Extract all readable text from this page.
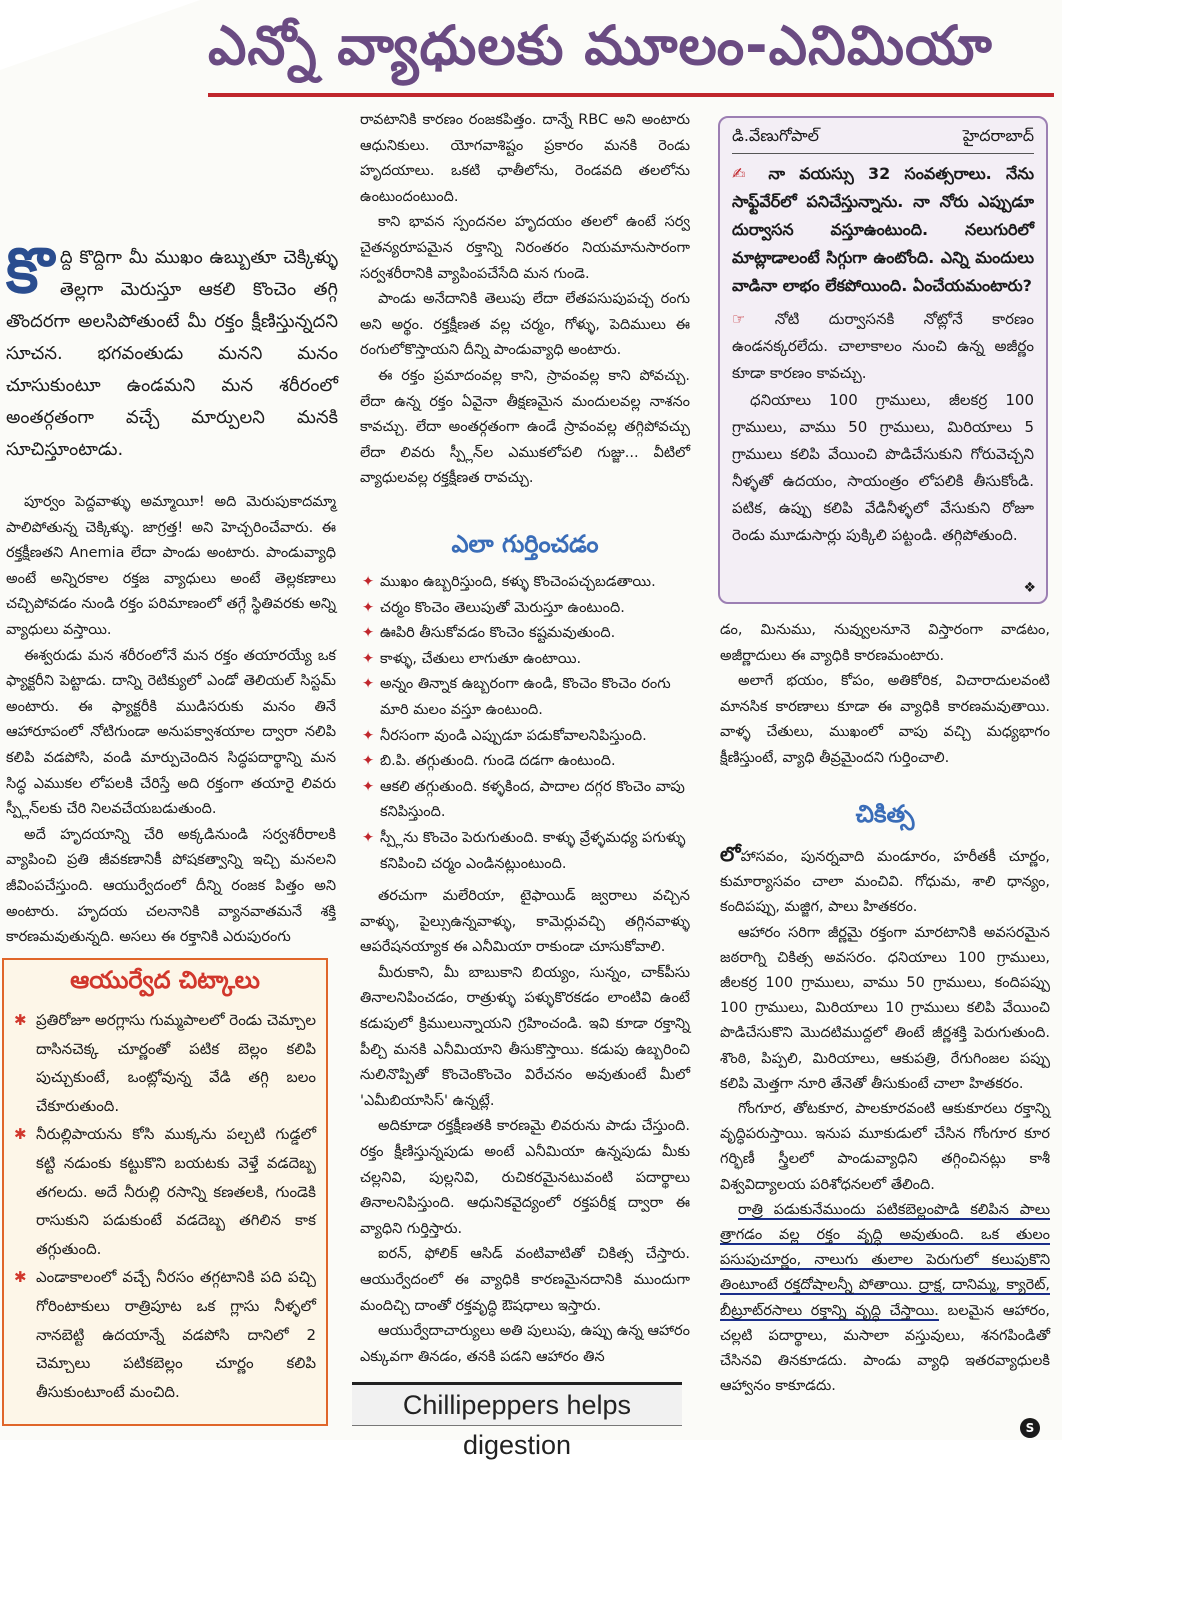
ఎన్నో వ్యాధులకు మూలం-ఎనిమియా
కొ ద్ది కొద్దిగా మీ ముఖం ఉబ్బుతూ చెక్కిళ్ళు తెల్లగా మెరుస్తూ ఆకలి కొంచెం తగ్గి తొందరగా అలసిపోతుంటే మీ రక్తం క్షీణిస్తున్నదని సూచన. భగవంతుడు మనని మనం చూసుకుంటూ ఉండమని మన శరీరంలో అంతర్గతంగా వచ్చే మార్పులని మనకి సూచిస్తూంటాడు.

పూర్వం పెద్దవాళ్ళు అమ్మాయీ! అది మెరుపుకాదమ్మా పాలిపోతున్న చెక్కిళ్ళు. జాగ్రత్త! అని హెచ్చరించేవారు. ఈ రక్తక్షీణతని Anemia లేదా పాండు అంటారు. పాండువ్యాధి అంటే అన్నిరకాల రక్తజ వ్యాధులు అంటే తెల్లకణాలు చచ్చిపోవడం నుండి రక్తం పరిమాణంలో తగ్గే స్థితివరకు అన్ని వ్యాధులు వస్తాయి.

ఈశ్వరుడు మన శరీరంలోనే మన రక్తం తయారయ్యే ఒక ఫ్యాక్టరీని పెట్టాడు. దాన్ని రెటిక్యులో ఎండో తెలియల్ సిస్టమ్ అంటారు. ఈ ఫ్యాక్టరీకి ముడిసరుకు మనం తినే ఆహారూపంలో నోటిగుండా అనుపక్వాశయాల ద్వారా నలిపి కలిపి వడపోసి, వండి మార్పుచెందిన సిద్ధపదార్థాన్ని మన సిద్ధ ఎముకల లోపలకి చేరిస్తే అది రక్తంగా తయారై లివరు స్ప్లీన్‌లకు చేరి నిలవచేయబడుతుంది.

అదే హృదయాన్ని చేరి అక్కడినుండి సర్వశరీరాలకి వ్యాపించి ప్రతి జీవకణానికీ పోషకత్వాన్ని ఇచ్చి మనలని జీవింపచేస్తుంది. ఆయుర్వేదంలో దీన్ని రంజక పిత్తం అని అంటారు. హృదయ చలనానికి వ్యానవాతమనే శక్తి కారణమవుతున్నది. అసలు ఈ రక్తానికి ఎరుపురంగు

ఆయుర్వేద చిట్కాలు
✱ ప్రతిరోజూ అరగ్లాసు గుమ్మపాలలో రెండు చెమ్చాల దాసినచెక్క చూర్ణంతో పటిక బెల్లం కలిపి పుచ్చుకుంటే, ఒంట్లోవున్న వేడి తగ్గి బలం చేకూరుతుంది.
✱ నీరుల్లిపాయను కోసి ముక్కను పల్చటి గుడ్డలో కట్టి నడుంకు కట్టుకొని బయటకు వెళ్తే వడదెబ్బ తగలదు. అదే నీరుల్లి రసాన్ని కణతలకి, గుండెకి రాసుకుని పడుకుంటే వడదెబ్బ తగిలిన కాక తగ్గుతుంది.
✱ ఎండాకాలంలో వచ్చే నీరసం తగ్గటానికి పది పచ్చి గోరింటాకులు రాత్రిపూట ఒక గ్లాసు నీళ్ళలో నానబెట్టి ఉదయాన్నే వడపోసి దానిలో 2 చెమ్చాలు పటికబెల్లం చూర్ణం కలిపి తీసుకుంటూంటే మంచిది.

రావటానికి కారణం రంజకపిత్తం. దాన్నే RBC అని అంటారు ఆధునికులు. యోగవాశిష్టం ప్రకారం మనకి రెండు హృదయాలు. ఒకటి ఛాతీలోను, రెండవది తలలోను ఉంటుందంటుంది.

కాని భావన స్పందనల హృదయం తలలో ఉంటే సర్వ చైతన్యరూపమైన రక్తాన్ని నిరంతరం నియమానుసారంగా సర్వశరీరానికి వ్యాపింపచేసేది మన గుండె.

పాండు అనేదానికి తెలుపు లేదా లేతపసుపుపచ్చ రంగు అని అర్థం. రక్తక్షీణత వల్ల చర్మం, గోళ్ళు, పెదిములు ఈ రంగులోకొస్తాయని దీన్ని పాండువ్యాధి అంటారు.

ఈ రక్తం ప్రమాదంవల్ల కాని, స్రావంవల్ల కాని పోవచ్చు. లేదా ఉన్న రక్తం ఏవైనా తీక్షణమైన మందులవల్ల నాశనం కావచ్చు. లేదా అంతర్గతంగా ఉండే స్రావంవల్ల తగ్గిపోవచ్చు లేదా లివరు స్ప్లీన్‌ల ఎముకలోపలి గుజ్జు... వీటిలో వ్యాధులవల్ల రక్తక్షీణత రావచ్చు.

ఎలా గుర్తించడం
✦ ముఖం ఉబ్బరిస్తుంది, కళ్ళు కొంచెంపచ్చబడతాయి.
✦ చర్మం కొంచెం తెలుపుతో మెరుస్తూ ఉంటుంది.
✦ ఊపిరి తీసుకోవడం కొంచెం కష్టమవుతుంది.
✦ కాళ్ళు, చేతులు లాగుతూ ఉంటాయి.
✦ అన్నం తిన్నాక ఉబ్బరంగా ఉండి, కొంచెం కొంచెం రంగు మారి మలం వస్తూ ఉంటుంది.
✦ నీరసంగా వుండి ఎప్పుడూ పడుకోవాలనిపిస్తుంది.
✦ బి.పి. తగ్గుతుంది. గుండె దడగా ఉంటుంది.
✦ ఆకలి తగ్గుతుంది. కళ్ళకింద, పాదాల దగ్గర కొంచెం వాపు కనిపిస్తుంది.
✦ స్ప్లీను కొంచెం పెరుగుతుంది. కాళ్ళు వ్రేళ్ళమధ్య పగుళ్ళు కనిపించి చర్మం ఎండినట్లుంటుంది.

తరచుగా మలేరియా, టైఫాయిడ్ జ్వరాలు వచ్చిన వాళ్ళు, పైల్సుఉన్నవాళ్ళు, కామెర్లువచ్చి తగ్గినవాళ్ళు ఆపరేషనయ్యాక ఈ ఎనీమియా రాకుండా చూసుకోవాలి.

మీరుకాని, మీ బాబుకాని బియ్యం, సున్నం, చాక్‌పీసు తినాలనిపించడం, రాత్రుళ్ళు పళ్ళుకొరకడం లాంటివి ఉంటే కడుపులో క్రిములున్నాయని గ్రహించండి. ఇవి కూడా రక్తాన్ని పీల్చి మనకి ఎనీమియాని తీసుకొస్తాయి. కడుపు ఉబ్బరించి నులినొప్పితో కొంచెంకొంచెం విరేచనం అవుతుంటే మీలో 'ఎమీబియాసిస్' ఉన్నట్లే.

అదికూడా రక్తక్షీణతకి కారణమై లివరును పాడు చేస్తుంది. రక్తం క్షీణిస్తున్నపుడు అంటే ఎనీమియా ఉన్నపుడు మీకు చల్లనివి, పుల్లనివి, రుచికరమైనటువంటి పదార్థాలు తినాలనిపిస్తుంది. ఆధునికవైద్యంలో రక్తపరీక్ష ద్వారా ఈ వ్యాధిని గుర్తిస్తారు.

ఐరన్, ఫోలిక్ ఆసిడ్ వంటివాటితో చికిత్స చేస్తారు. ఆయుర్వేదంలో ఈ వ్యాధికి కారణమైనదానికి ముందుగా మందిచ్చి దాంతో రక్తవృద్ధి ఔషధాలు ఇస్తారు.

ఆయుర్వేదాచార్యులు అతి పులుపు, ఉప్పు ఉన్న ఆహారం ఎక్కువగా తినడం, తనకి పడని ఆహారం తిన

Chillipeppers helps digestion
డి.వేణుగోపాల్	హైదరాబాద్
✍ నా వయస్సు 32 సంవత్సరాలు. నేను సాఫ్ట్‌వేర్‌లో పనిచేస్తున్నాను. నా నోరు ఎప్పుడూ దుర్వాసన వస్తూఉంటుంది. నలుగురిలో మాట్లాడాలంటే సిగ్గుగా ఉంటోంది. ఎన్ని మందులు వాడినా లాభం లేకపోయింది. ఏంచేయమంటారు?

☞ నోటి దుర్వాసనకి నోట్లోనే కారణం ఉండనక్కరలేదు. చాలాకాలం నుంచి ఉన్న అజీర్ణం కూడా కారణం కావచ్చు.

ధనియాలు 100 గ్రాములు, జీలకర్ర 100 గ్రాములు, వాము 50 గ్రాములు, మిరియాలు 5 గ్రాములు కలిపి వేయించి పొడిచేసుకుని గోరువెచ్చని నీళ్ళతో ఉదయం, సాయంత్రం లోపలికి తీసుకోండి. పటిక, ఉప్పు కలిపి వేడినీళ్ళలో వేసుకుని రోజూ రెండు మూడుసార్లు పుక్కిలి పట్టండి. తగ్గిపోతుంది.

❖

డం, మినుము, నువ్వులనూనె విస్తారంగా వాడటం, అజీర్ణాదులు ఈ వ్యాధికి కారణమంటారు.

అలాగే భయం, కోపం, అతికోరిక, విచారాదులవంటి మానసిక కారణాలు కూడా ఈ వ్యాధికి కారణమవుతాయి. వాళ్ళ చేతులు, ముఖంలో వాపు వచ్చి మధ్యభాగం క్షీణిస్తుంటే, వ్యాధి తీవ్రమైందని గుర్తించాలి.

చికిత్స

లోహాసవం, పునర్నవాది మండూరం, హరీతకీ చూర్ణం, కుమార్యాసవం చాలా మంచివి. గోధుమ, శాలి ధాన్యం, కందిపప్పు, మజ్జిగ, పాలు హితకరం.

ఆహారం సరిగా జీర్ణమై రక్తంగా మారటానికి అవసరమైన జఠరాగ్ని చికిత్స అవసరం. ధనియాలు 100 గ్రాములు, జీలకర్ర 100 గ్రాములు, వాము 50 గ్రాములు, కందిపప్పు 100 గ్రాములు, మిరియాలు 10 గ్రాములు కలిపి వేయించి పొడిచేసుకొని మొదటిముద్దలో తింటే జీర్ణశక్తి పెరుగుతుంది. శొంఠి, పిప్పలి, మిరియాలు, ఆకుపత్రి, రేగుగింజల పప్పు కలిపి మెత్తగా నూరి తేనెతో తీసుకుంటే చాలా హితకరం.

గోంగూర, తోటకూర, పాలకూరవంటి ఆకుకూరలు రక్తాన్ని వృద్ధిపరుస్తాయి. ఇనుప మూకుడులో చేసిన గోంగూర కూర గర్భిణీ స్త్రీలలో పాండువ్యాధిని తగ్గించినట్లు కాశీ విశ్వవిద్యాలయ పరిశోధనలలో తేలింది.

రాత్రి పడుకునేముందు పటికబెల్లంపొడి కలిపిన పాలు త్రాగడం వల్ల రక్తం వృద్ధి అవుతుంది. ఒక తులం పసుపుచూర్ణం, నాలుగు తులాల పెరుగులో కలుపుకొని తింటూంటే రక్తదోషాలన్నీ పోతాయి. ద్రాక్ష, దానిమ్మ, క్యారెట్, బీట్రూట్‌రసాలు రక్తాన్ని వృద్ధి చేస్తాయి. బలమైన ఆహారం, చల్లటి పదార్థాలు, మసాలా వస్తువులు, శనగపిండితో చేసినవి తినకూడదు. పాండు వ్యాధి ఇతరవ్యాధులకి ఆహ్వానం కాకూడదు.

S
